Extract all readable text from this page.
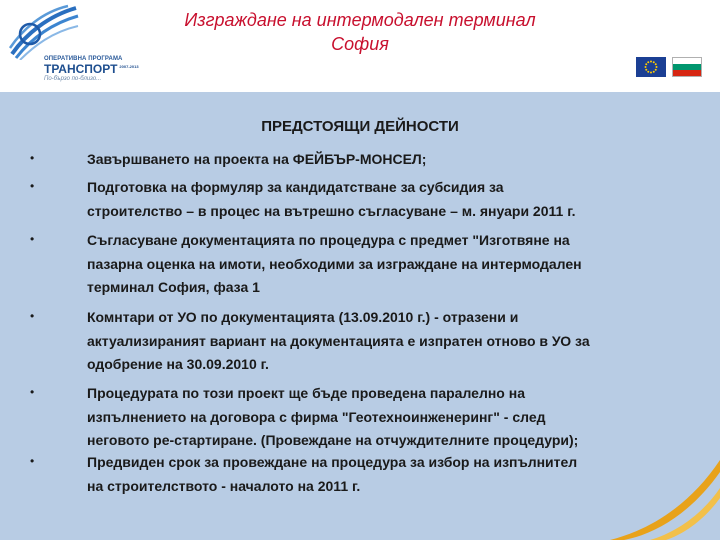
ОПЕРАТИВНА ПРОГРАМА
ТРАНСПОРТ $^{2007-2013}$
По-бързо по-близо...
Изграждане на интермодален терминал
София
ПРЕДСТОЯЩИ ДЕЙНОСТИ
•	Завършването на проекта на ФЕЙБЪР-МОНСЕЛ;
•	Подготовка на формуляр за кандидатстване за субсидия за
строителство – в процес на вътрешно съгласуване – м. януари 2011 г.
•	Съгласуване документацията по процедура с предмет "Изготвяне на
пазарна оценка на имоти, необходими за изграждане на интермодален
терминал София, фаза 1
•	Комнтари от УО по документацията (13.09.2010 г.) - отразени и
актуализираният вариант на документацията е изпратен отново в УО за
одобрение на 30.09.2010 г.
•	Процедурата по този проект ще бъде проведена паралелно на
изпълнението на договора с фирма "Геотехноинженеринг" - след
неговото ре-стартиране. (Провеждане на отчуждителните процедури);
•	Предвиден срок за провеждане на процедура за избор на изпълнител
на строителството - началото на 2011 г.
